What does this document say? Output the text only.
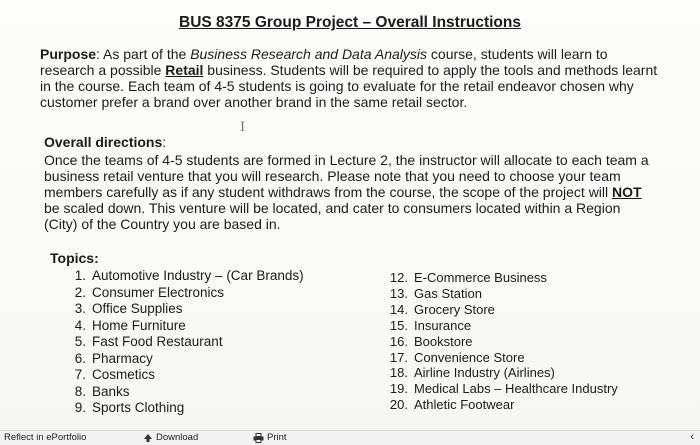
BUS 8375 Group Project – Overall Instructions
Purpose: As part of the Business Research and Data Analysis course, students will learn to research a possible Retail business. Students will be required to apply the tools and methods learnt in the course. Each team of 4-5 students is going to evaluate for the retail endeavor chosen why customer prefer a brand over another brand in the same retail sector.
I
Overall directions:
Once the teams of 4-5 students are formed in Lecture 2, the instructor will allocate to each team a business retail venture that you will research. Please note that you need to choose your team members carefully as if any student withdraws from the course, the scope of the project will NOT be scaled down. This venture will be located, and cater to consumers located within a Region (City) of the Country you are based in.
Topics:
1. Automotive Industry – (Car Brands)
2. Consumer Electronics
3. Office Supplies
4. Home Furniture
5. Fast Food Restaurant
6. Pharmacy
7. Cosmetics
8. Banks
9. Sports Clothing
12. E-Commerce Business
13. Gas Station
14. Grocery Store
15. Insurance
16. Bookstore
17. Convenience Store
18. Airline Industry (Airlines)
19. Medical Labs – Healthcare Industry
20. Athletic Footwear
Reflect in ePortfolio	Download	Print	‹
